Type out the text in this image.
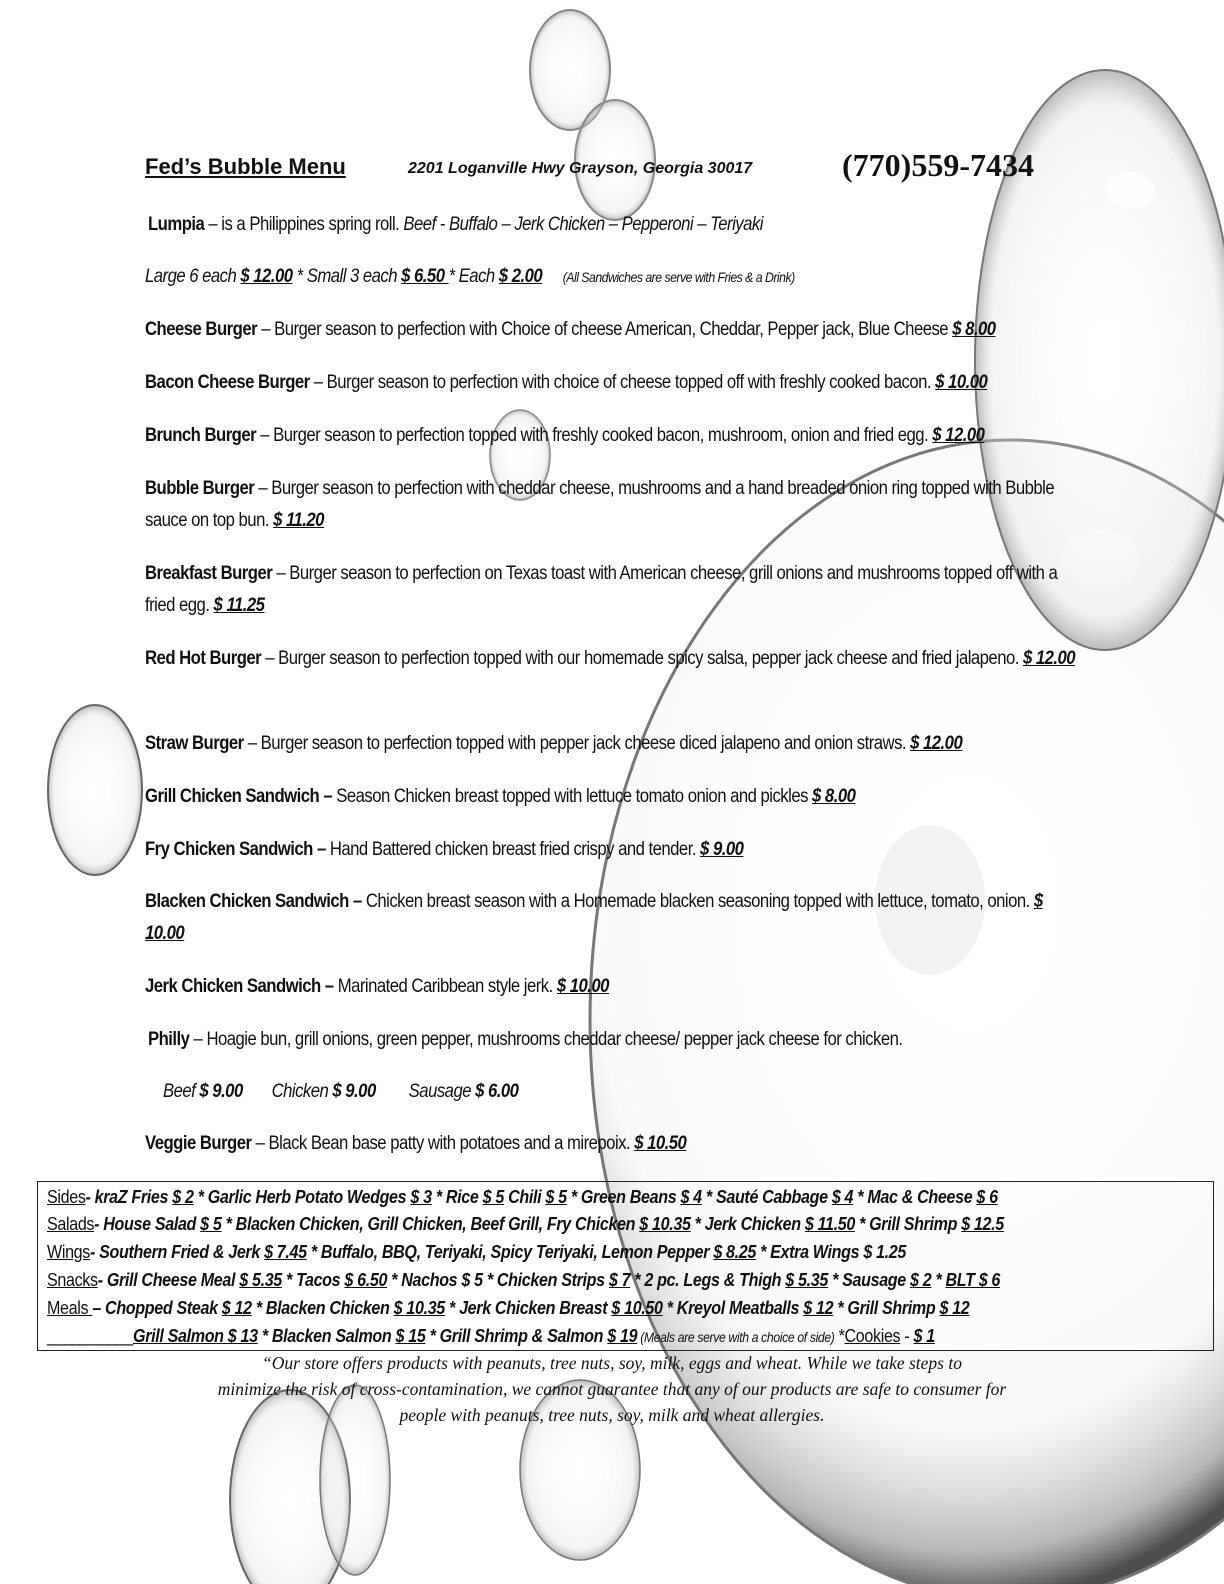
Fed’s Bubble Menu	2201 Loganville Hwy Grayson, Georgia 30017	(770)559-7434
Lumpia – is a Philippines spring roll. Beef - Buffalo – Jerk Chicken – Pepperoni – Teriyaki
Large 6 each $ 12.00 * Small 3 each $ 6.50 * Each $ 2.00 (All Sandwiches are serve with Fries & a Drink)
Cheese Burger – Burger season to perfection with Choice of cheese American, Cheddar, Pepper jack, Blue Cheese $ 8.00
Bacon Cheese Burger – Burger season to perfection with choice of cheese topped off with freshly cooked bacon. $ 10.00
Brunch Burger – Burger season to perfection topped with freshly cooked bacon, mushroom, onion and fried egg. $ 12.00
Bubble Burger – Burger season to perfection with cheddar cheese, mushrooms and a hand breaded onion ring topped with Bubble sauce on top bun. $ 11.20
Breakfast Burger – Burger season to perfection on Texas toast with American cheese, grill onions and mushrooms topped off with a fried egg. $ 11.25
Red Hot Burger – Burger season to perfection topped with our homemade spicy salsa, pepper jack cheese and fried jalapeno. $ 12.00
Straw Burger – Burger season to perfection topped with pepper jack cheese diced jalapeno and onion straws. $ 12.00
Grill Chicken Sandwich – Season Chicken breast topped with lettuce tomato onion and pickles $ 8.00
Fry Chicken Sandwich – Hand Battered chicken breast fried crispy and tender. $ 9.00
Blacken Chicken Sandwich – Chicken breast season with a Homemade blacken seasoning topped with lettuce, tomato, onion. $ 10.00
Jerk Chicken Sandwich – Marinated Caribbean style jerk. $ 10.00
Philly – Hoagie bun, grill onions, green pepper, mushrooms cheddar cheese/ pepper jack cheese for chicken.
Beef $ 9.00 Chicken $ 9.00 Sausage $ 6.00
Veggie Burger – Black Bean base patty with potatoes and a mirepoix. $ 10.50
Sides- kraZ Fries $ 2 * Garlic Herb Potato Wedges $ 3 * Rice $ 5 Chili $ 5 * Green Beans $ 4 * Sauté Cabbage $ 4 * Mac & Cheese $ 6
Salads- House Salad $ 5 * Blacken Chicken, Grill Chicken, Beef Grill, Fry Chicken $ 10.35 * Jerk Chicken $ 11.50 * Grill Shrimp $ 12.5
Wings- Southern Fried & Jerk $ 7.45 * Buffalo, BBQ, Teriyaki, Spicy Teriyaki, Lemon Pepper $ 8.25 * Extra Wings $ 1.25
Snacks- Grill Cheese Meal $ 5.35 * Tacos $ 6.50 * Nachos $ 5 * Chicken Strips $ 7 * 2 pc. Legs & Thigh $ 5.35 * Sausage $ 2 * BLT $ 6
Meals – Chopped Steak $ 12 * Blacken Chicken $ 10.35 * Jerk Chicken Breast $ 10.50 * Kreyol Meatballs $ 12 * Grill Shrimp $ 12
__________Grill Salmon $ 13 * Blacken Salmon $ 15 * Grill Shrimp & Salmon $ 19 (Meals are serve with a choice of side) *Cookies - $ 1
“Our store offers products with peanuts, tree nuts, soy, milk, eggs and wheat. While we take steps to
minimize the risk of cross-contamination, we cannot guarantee that any of our products are safe to consumer for
people with peanuts, tree nuts, soy, milk and wheat allergies.
